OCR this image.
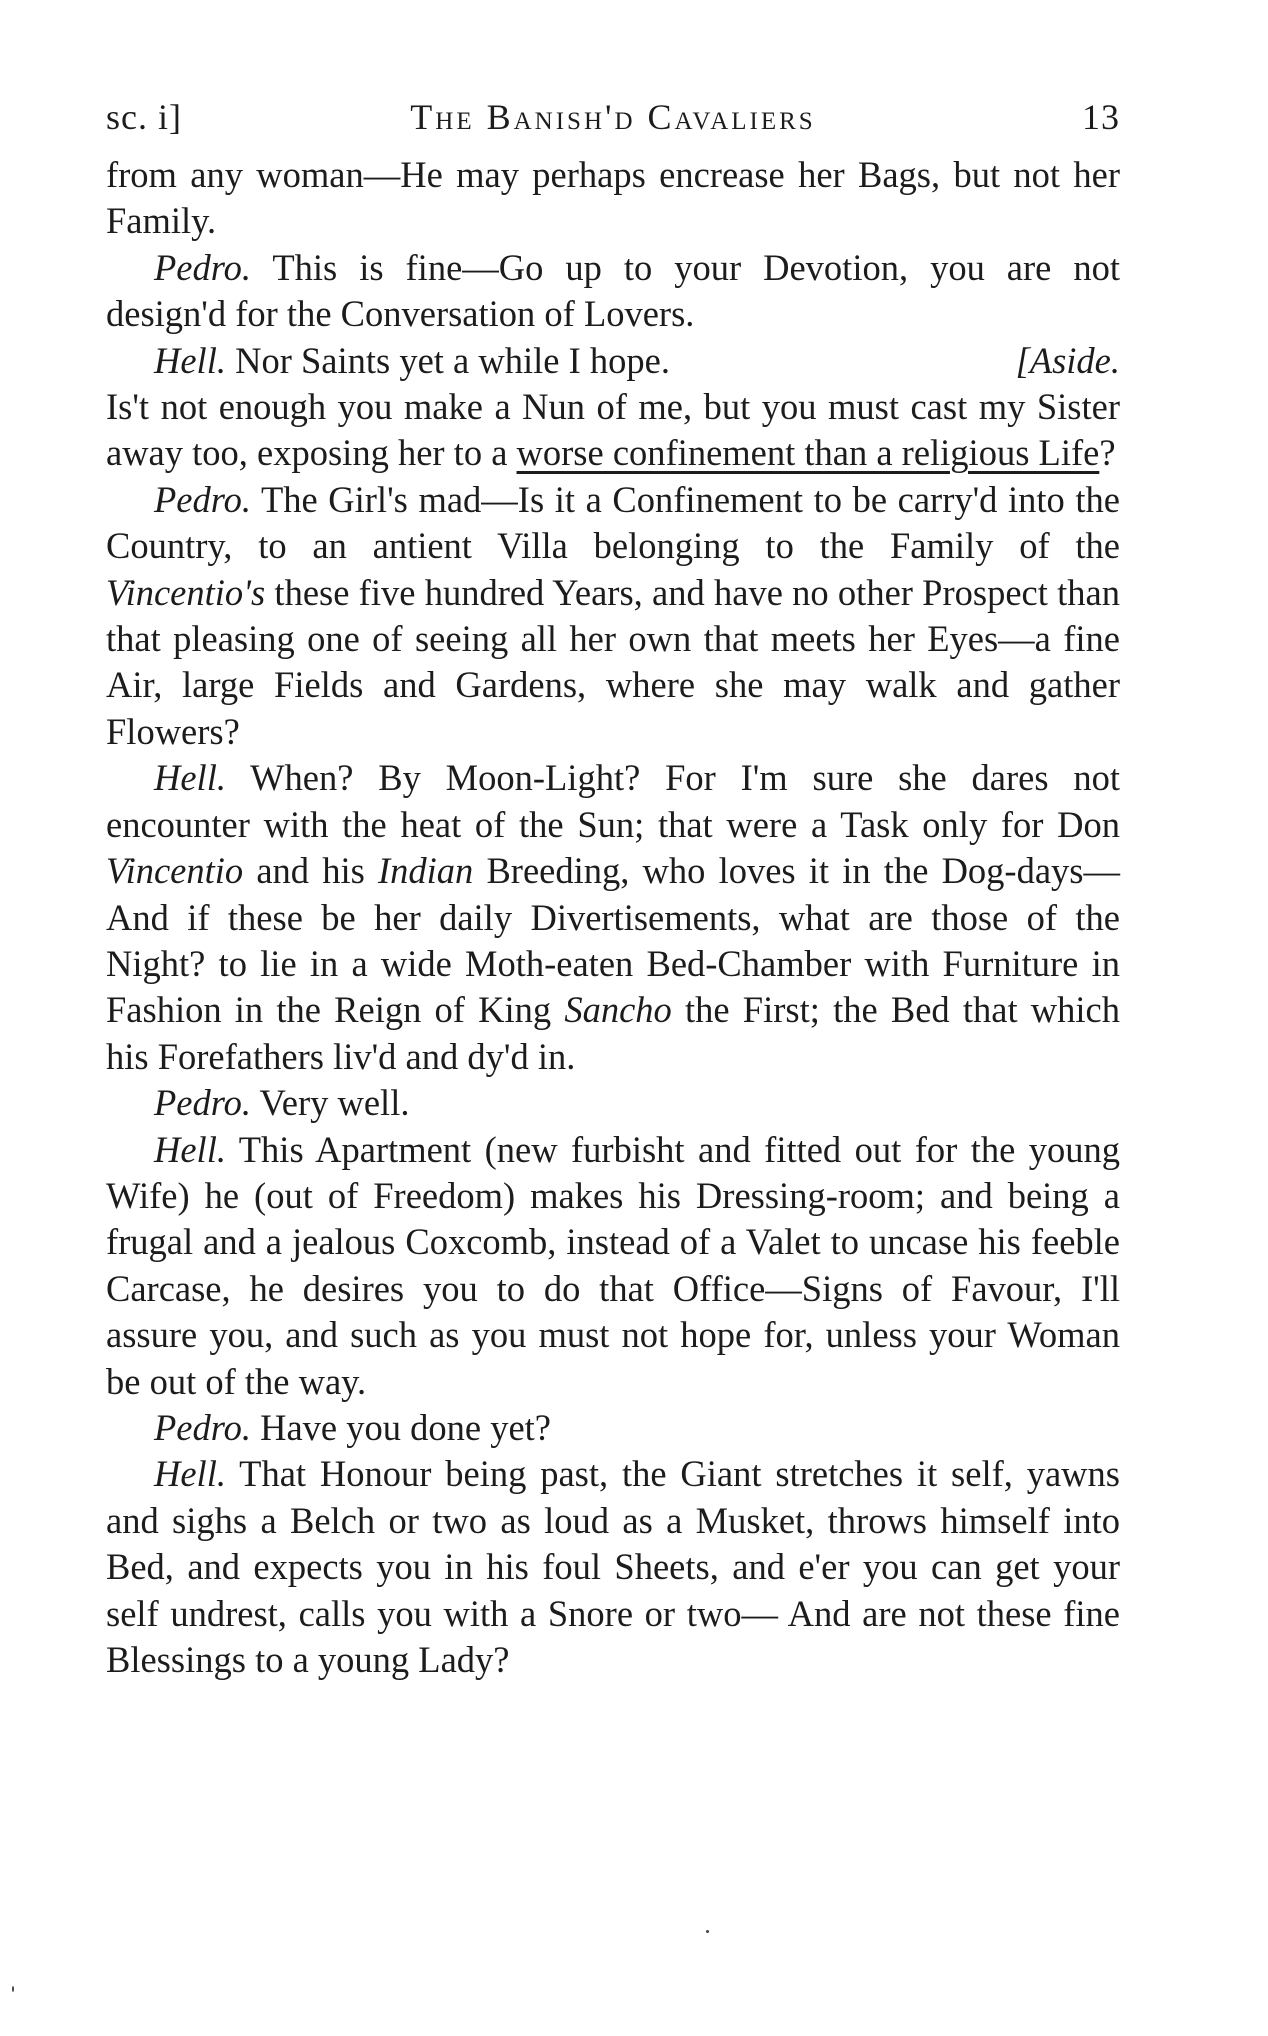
sc. i]	The Banish'd Cavaliers	13

from any woman—He may perhaps encrease her Bags, but not her Family.

Pedro. This is fine—Go up to your Devotion, you are not design'd for the Conversation of Lovers.

Hell. Nor Saints yet a while I hope.	[Aside.

Is't not enough you make a Nun of me, but you must cast my Sister away too, exposing her to a worse confinement than a religious Life?

Pedro. The Girl's mad—Is it a Confinement to be carry'd into the Country, to an antient Villa belonging to the Family of the Vincentio's these five hundred Years, and have no other Prospect than that pleasing one of seeing all her own that meets her Eyes—a fine Air, large Fields and Gardens, where she may walk and gather Flowers?

Hell. When? By Moon-Light? For I'm sure she dares not encounter with the heat of the Sun; that were a Task only for Don Vincentio and his Indian Breeding, who loves it in the Dog-days—And if these be her daily Divertisements, what are those of the Night? to lie in a wide Moth-eaten Bed-Chamber with Furniture in Fashion in the Reign of King Sancho the First; the Bed that which his Forefathers liv'd and dy'd in.

Pedro. Very well.

Hell. This Apartment (new furbisht and fitted out for the young Wife) he (out of Freedom) makes his Dressing-room; and being a frugal and a jealous Coxcomb, instead of a Valet to uncase his feeble Carcase, he desires you to do that Office—Signs of Favour, I'll assure you, and such as you must not hope for, unless your Woman be out of the way.

Pedro. Have you done yet?

Hell. That Honour being past, the Giant stretches it self, yawns and sighs a Belch or two as loud as a Musket, throws himself into Bed, and expects you in his foul Sheets, and e'er you can get your self undrest, calls you with a Snore or two— And are not these fine Blessings to a young Lady?
